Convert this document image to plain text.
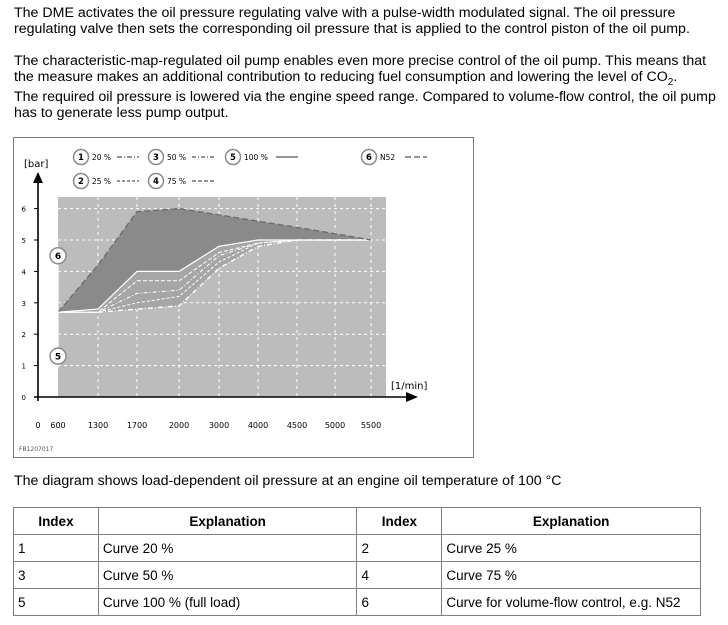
The DME activates the oil pressure regulating valve with a pulse-width modulated signal. The oil pressure regulating valve then sets the corresponding oil pressure that is applied to the control piston of the oil pump.

The characteristic-map-regulated oil pump enables even more precise control of the oil pump. This means that the measure makes an additional contribution to reducing fuel consumption and lowering the level of $CO_2$.

The required oil pressure is lowered via the engine speed range. Compared to volume-flow control, the oil pump has to generate less pump output.

1 20 %
2 25 %
3 50 %
4 75 %
5 100 %	6 N52
[bar]
6
5
0
1
2
3
4
5
6
0 600	1300 1700	2000 3000 4000 4500 5000 5500
[1/min]
FB1207017

The diagram shows load-dependent oil pressure at an engine oil temperature of 100 °C

Index	Explanation	Index	Explanation
1	Curve 20 %	2	Curve 25 %
3	Curve 50 %	4	Curve 75 %
5	Curve 100 % (full load)	6	Curve for volume-flow control, e.g. N52
